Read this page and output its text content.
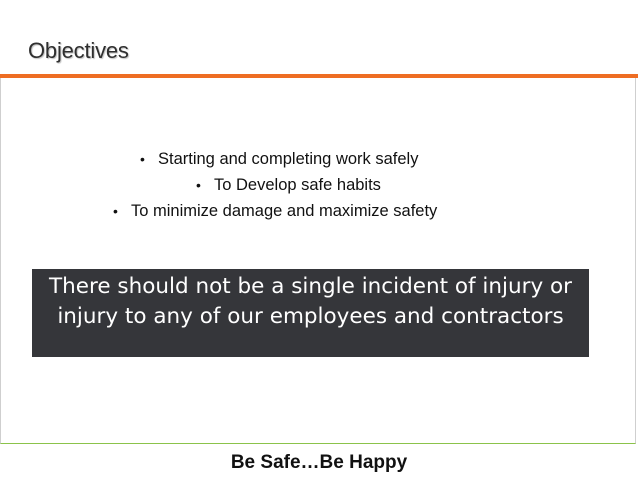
Objectives
• Starting and completing work safely
• To Develop safe habits
• To minimize damage and maximize safety
There should not be a single incident of injury or injury to any of our employees and contractors
Be Safe…Be Happy
